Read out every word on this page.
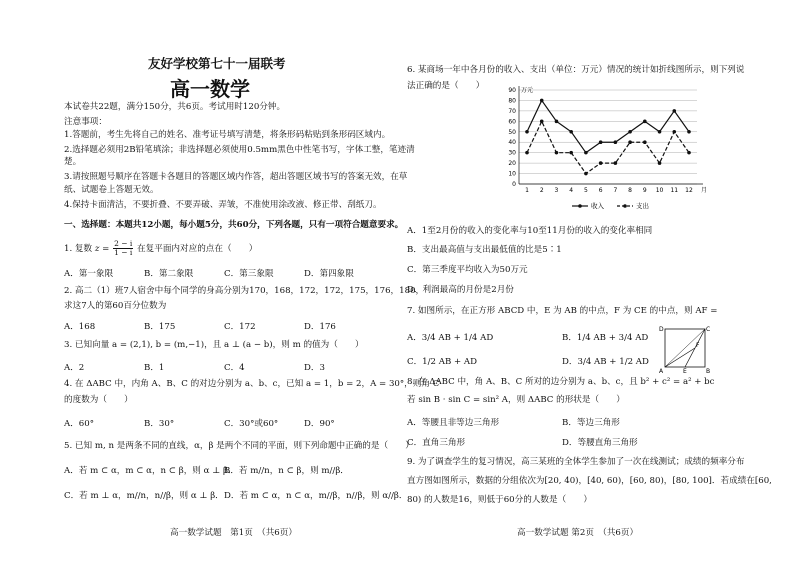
友好学校第七十一届联考
高一数学
本试卷共22题，满分150分，共6页。考试用时120分钟。
注意事项：
1.答题前，考生先将自己的姓名、准考证号填写清楚，将条形码粘贴到条形码区域内。
2.选择题必须用2B铅笔填涂；非选择题必须使用0.5mm黑色中性笔书写，字体工整，笔迹清
楚。
3.请按照题号顺序在答题卡各题目的答题区域内作答，超出答题区域书写的答案无效，在草
纸、试题卷上答题无效。
4.保持卡面清洁，不要折叠、不要弄破、弄皱，不准使用涂改液、修正带、刮纸刀。
一、选择题：本题共12小题，每小题5分，共60分，下列各题，只有一项符合题意要求。
1. 复数 $z = \frac{2 - i}{1 - i}$ 在复平面内对应的点在（　　）
A．第一象限	B．第二象限	C．第三象限	D．第四象限
2. 高二（1）班7人宿舍中每个同学的身高分别为170，168，172，172，175，176，180，
求这7人的第60百分位数为
A．168	B．175	C．172	D．176
3. 已知向量 a = (2,1), b = (m,−1)，且 a ⊥ (a − b)，则 m 的值为（　　）
A．2	B．1	C．4	D．3
4. 在 ΔABC 中，内角 A、B、C 的对边分别为 a、b、c，已知 a = 1，b = 2，A = 30°，则角 C
的度数为（　　）
A．60°	B．30°	C．30°或60°	D．90°
5. 已知 m, n 是两条不同的直线，α，β 是两个不同的平面，则下列命题中正确的是（　　）
A．若 m ⊂ α，m ⊂ α，n ⊂ β，则 α ⊥ β．
B．若 m//n，n ⊂ β，则 m//β．
C．若 m ⊥ α，m//n，n//β，则 α ⊥ β． D．若 m ⊂ α，n ⊂ α，m//β，n//β，则 α//β．
高一数学试题　第1页　（共6页）
6. 某商场一年中各月份的收入、支出（单位：万元）情况的统计如折线图所示，则下列说
法正确的是（　　）
0
10
20
30
40
50
60
70
80
90 万元
1 2 3 4 5 6 7 8 9 10 11 12 月
收入	支出
A．1至2月份的收入的变化率与10至11月份的收入的变化率相同
B．支出最高值与支出最低值的比是5∶1
C．第三季度平均收入为50万元
D．利润最高的月份是2月份
7. 如图所示，在正方形 ABCD 中，E 为 AB 的中点，F 为 CE 的中点，则 AF =
A．3/4 AB + 1/4 AD	B．1/4 AB + 3/4 AD
C．1/2 AB + AD	D．3/4 AB + 1/2 AD
D	C
F
A	E	B
8. 在 ΔABC 中，角 A、B、C 所对的边分别为 a、b、c，且 b² + c² = a² + bc
若 sin B · sin C = sin² A，则 ΔABC 的形状是（　　）
A．等腰且非等边三角形	B．等边三角形
C．直角三角形	D．等腰直角三角形
9. 为了调查学生的复习情况，高三某班的全体学生参加了一次在线测试；成绩的频率分布
直方图如图所示，数据的分组依次为[20, 40)，[40, 60)，[60, 80)，[80, 100]．若成绩在[60,
80) 的人数是16，则低于60分的人数是（　　）
高一数学试题 第2页　（共6页）
